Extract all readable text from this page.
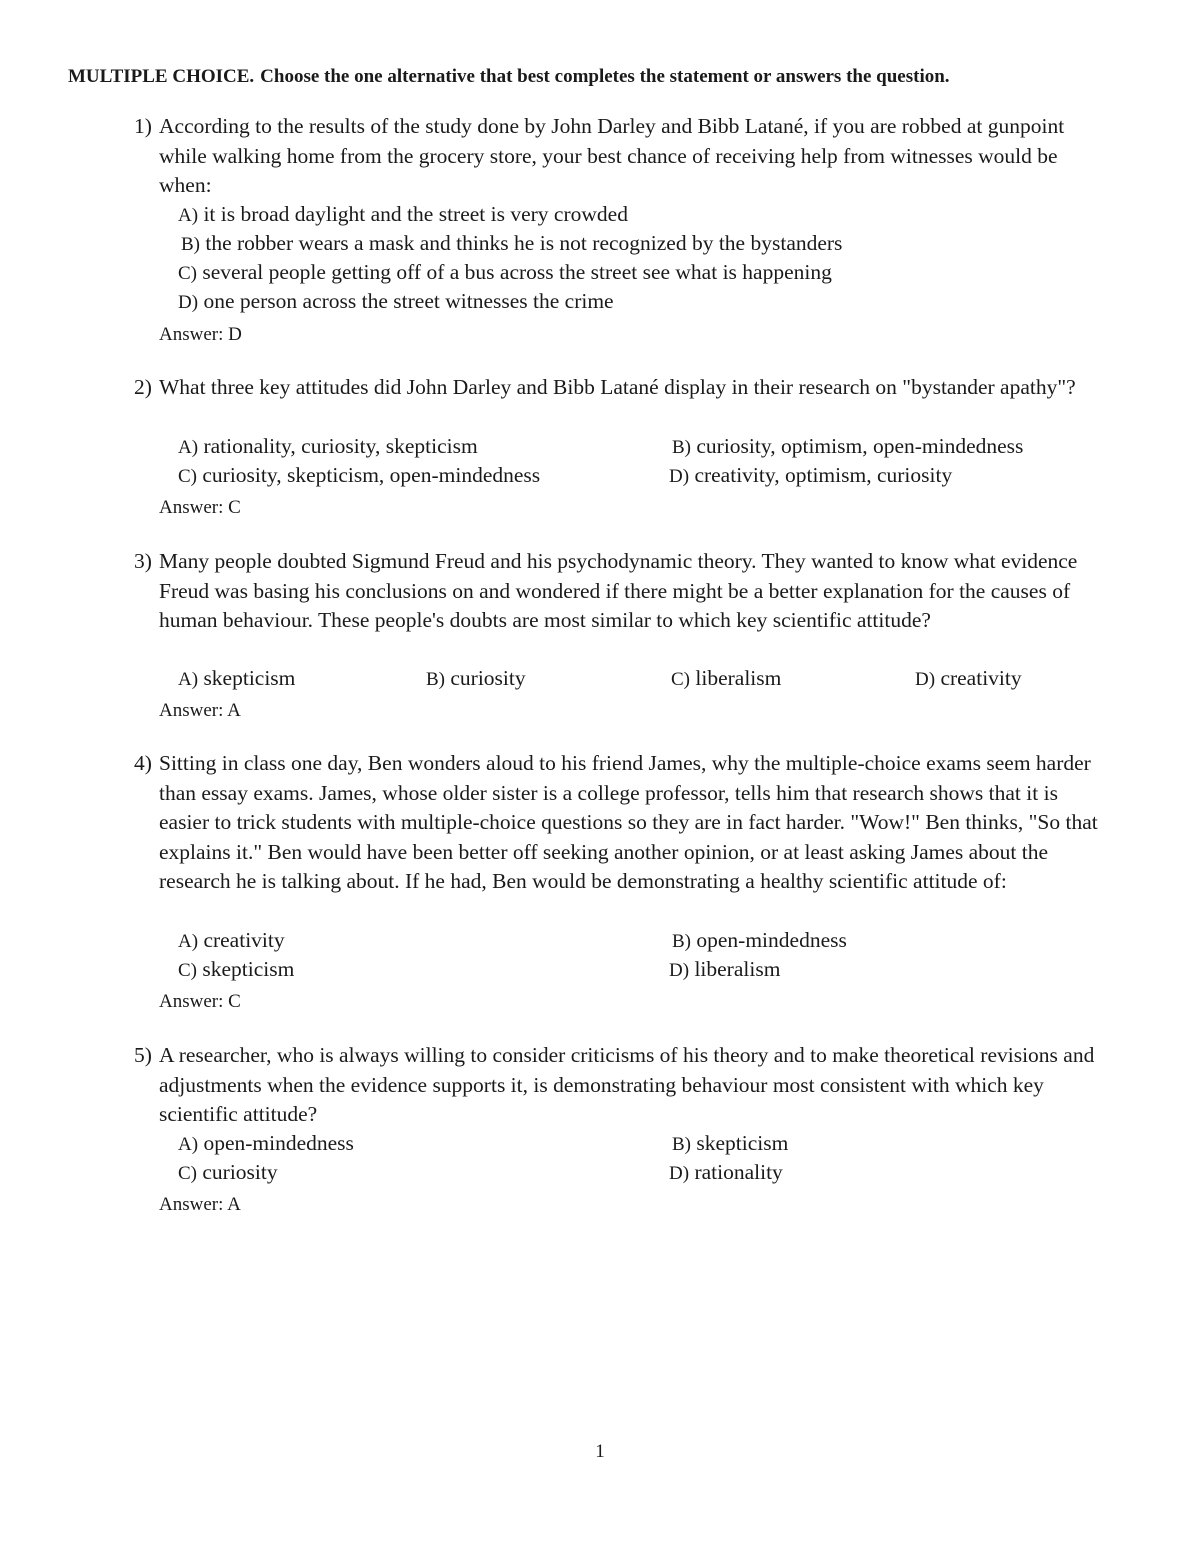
MULTIPLE CHOICE. Choose the one alternative that best completes the statement or answers the question.
1) According to the results of the study done by John Darley and Bibb Latané, if you are robbed at gunpoint while walking home from the grocery store, your best chance of receiving help from witnesses would be when:
A) it is broad daylight and the street is very crowded
B) the robber wears a mask and thinks he is not recognized by the bystanders
C) several people getting off of a bus across the street see what is happening
D) one person across the street witnesses the crime
Answer: D
2) What three key attitudes did John Darley and Bibb Latané display in their research on "bystander apathy"?
A) rationality, curiosity, skepticism	B) curiosity, optimism, open-mindedness
C) curiosity, skepticism, open-mindedness	D) creativity, optimism, curiosity
Answer: C
3) Many people doubted Sigmund Freud and his psychodynamic theory. They wanted to know what evidence Freud was basing his conclusions on and wondered if there might be a better explanation for the causes of human behaviour. These people's doubts are most similar to which key scientific attitude?
A) skepticism	B) curiosity	C) liberalism	D) creativity
Answer: A
4) Sitting in class one day, Ben wonders aloud to his friend James, why the multiple-choice exams seem harder than essay exams. James, whose older sister is a college professor, tells him that research shows that it is easier to trick students with multiple-choice questions so they are in fact harder. "Wow!" Ben thinks, "So that explains it." Ben would have been better off seeking another opinion, or at least asking James about the research he is talking about. If he had, Ben would be demonstrating a healthy scientific attitude of:
A) creativity	B) open-mindedness
C) skepticism	D) liberalism
Answer: C
5) A researcher, who is always willing to consider criticisms of his theory and to make theoretical revisions and adjustments when the evidence supports it, is demonstrating behaviour most consistent with which key scientific attitude?
A) open-mindedness	B) skepticism
C) curiosity	D) rationality
Answer: A
1
